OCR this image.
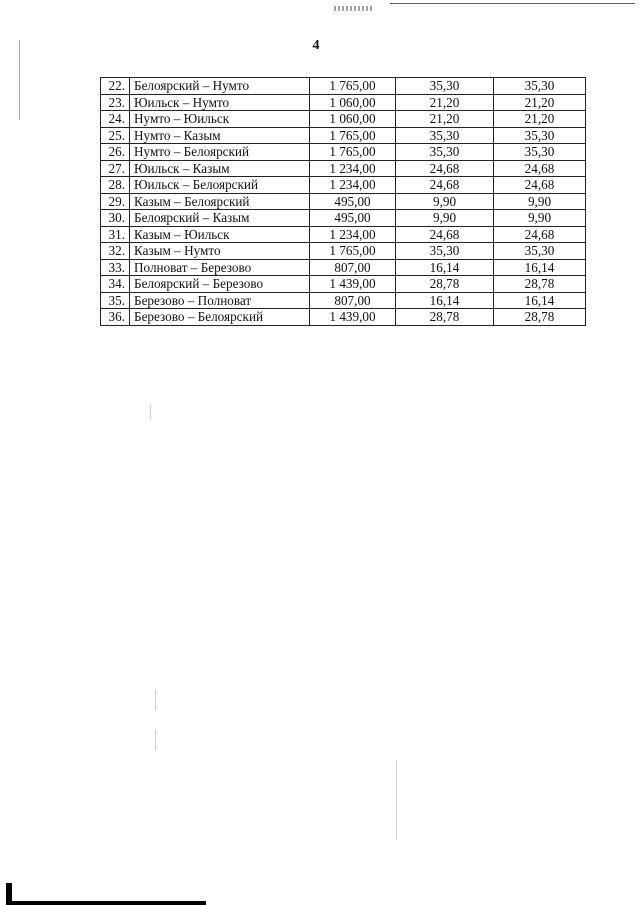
4
22.	Белоярский – Нумто	1 765,00	35,30	35,30
23.	Юильск – Нумто	1 060,00	21,20	21,20
24.	Нумто – Юильск	1 060,00	21,20	21,20
25.	Нумто – Казым	1 765,00	35,30	35,30
26.	Нумто – Белоярский	1 765,00	35,30	35,30
27.	Юильск – Казым	1 234,00	24,68	24,68
28.	Юильск – Белоярский	1 234,00	24,68	24,68
29.	Казым – Белоярский	495,00	9,90	9,90
30.	Белоярский – Казым	495,00	9,90	9,90
31.	Казым – Юильск	1 234,00	24,68	24,68
32.	Казым – Нумто	1 765,00	35,30	35,30
33.	Полноват – Березово	807,00	16,14	16,14
34.	Белоярский – Березово	1 439,00	28,78	28,78
35.	Березово – Полноват	807,00	16,14	16,14
36.	Березово – Белоярский	1 439,00	28,78	28,78
